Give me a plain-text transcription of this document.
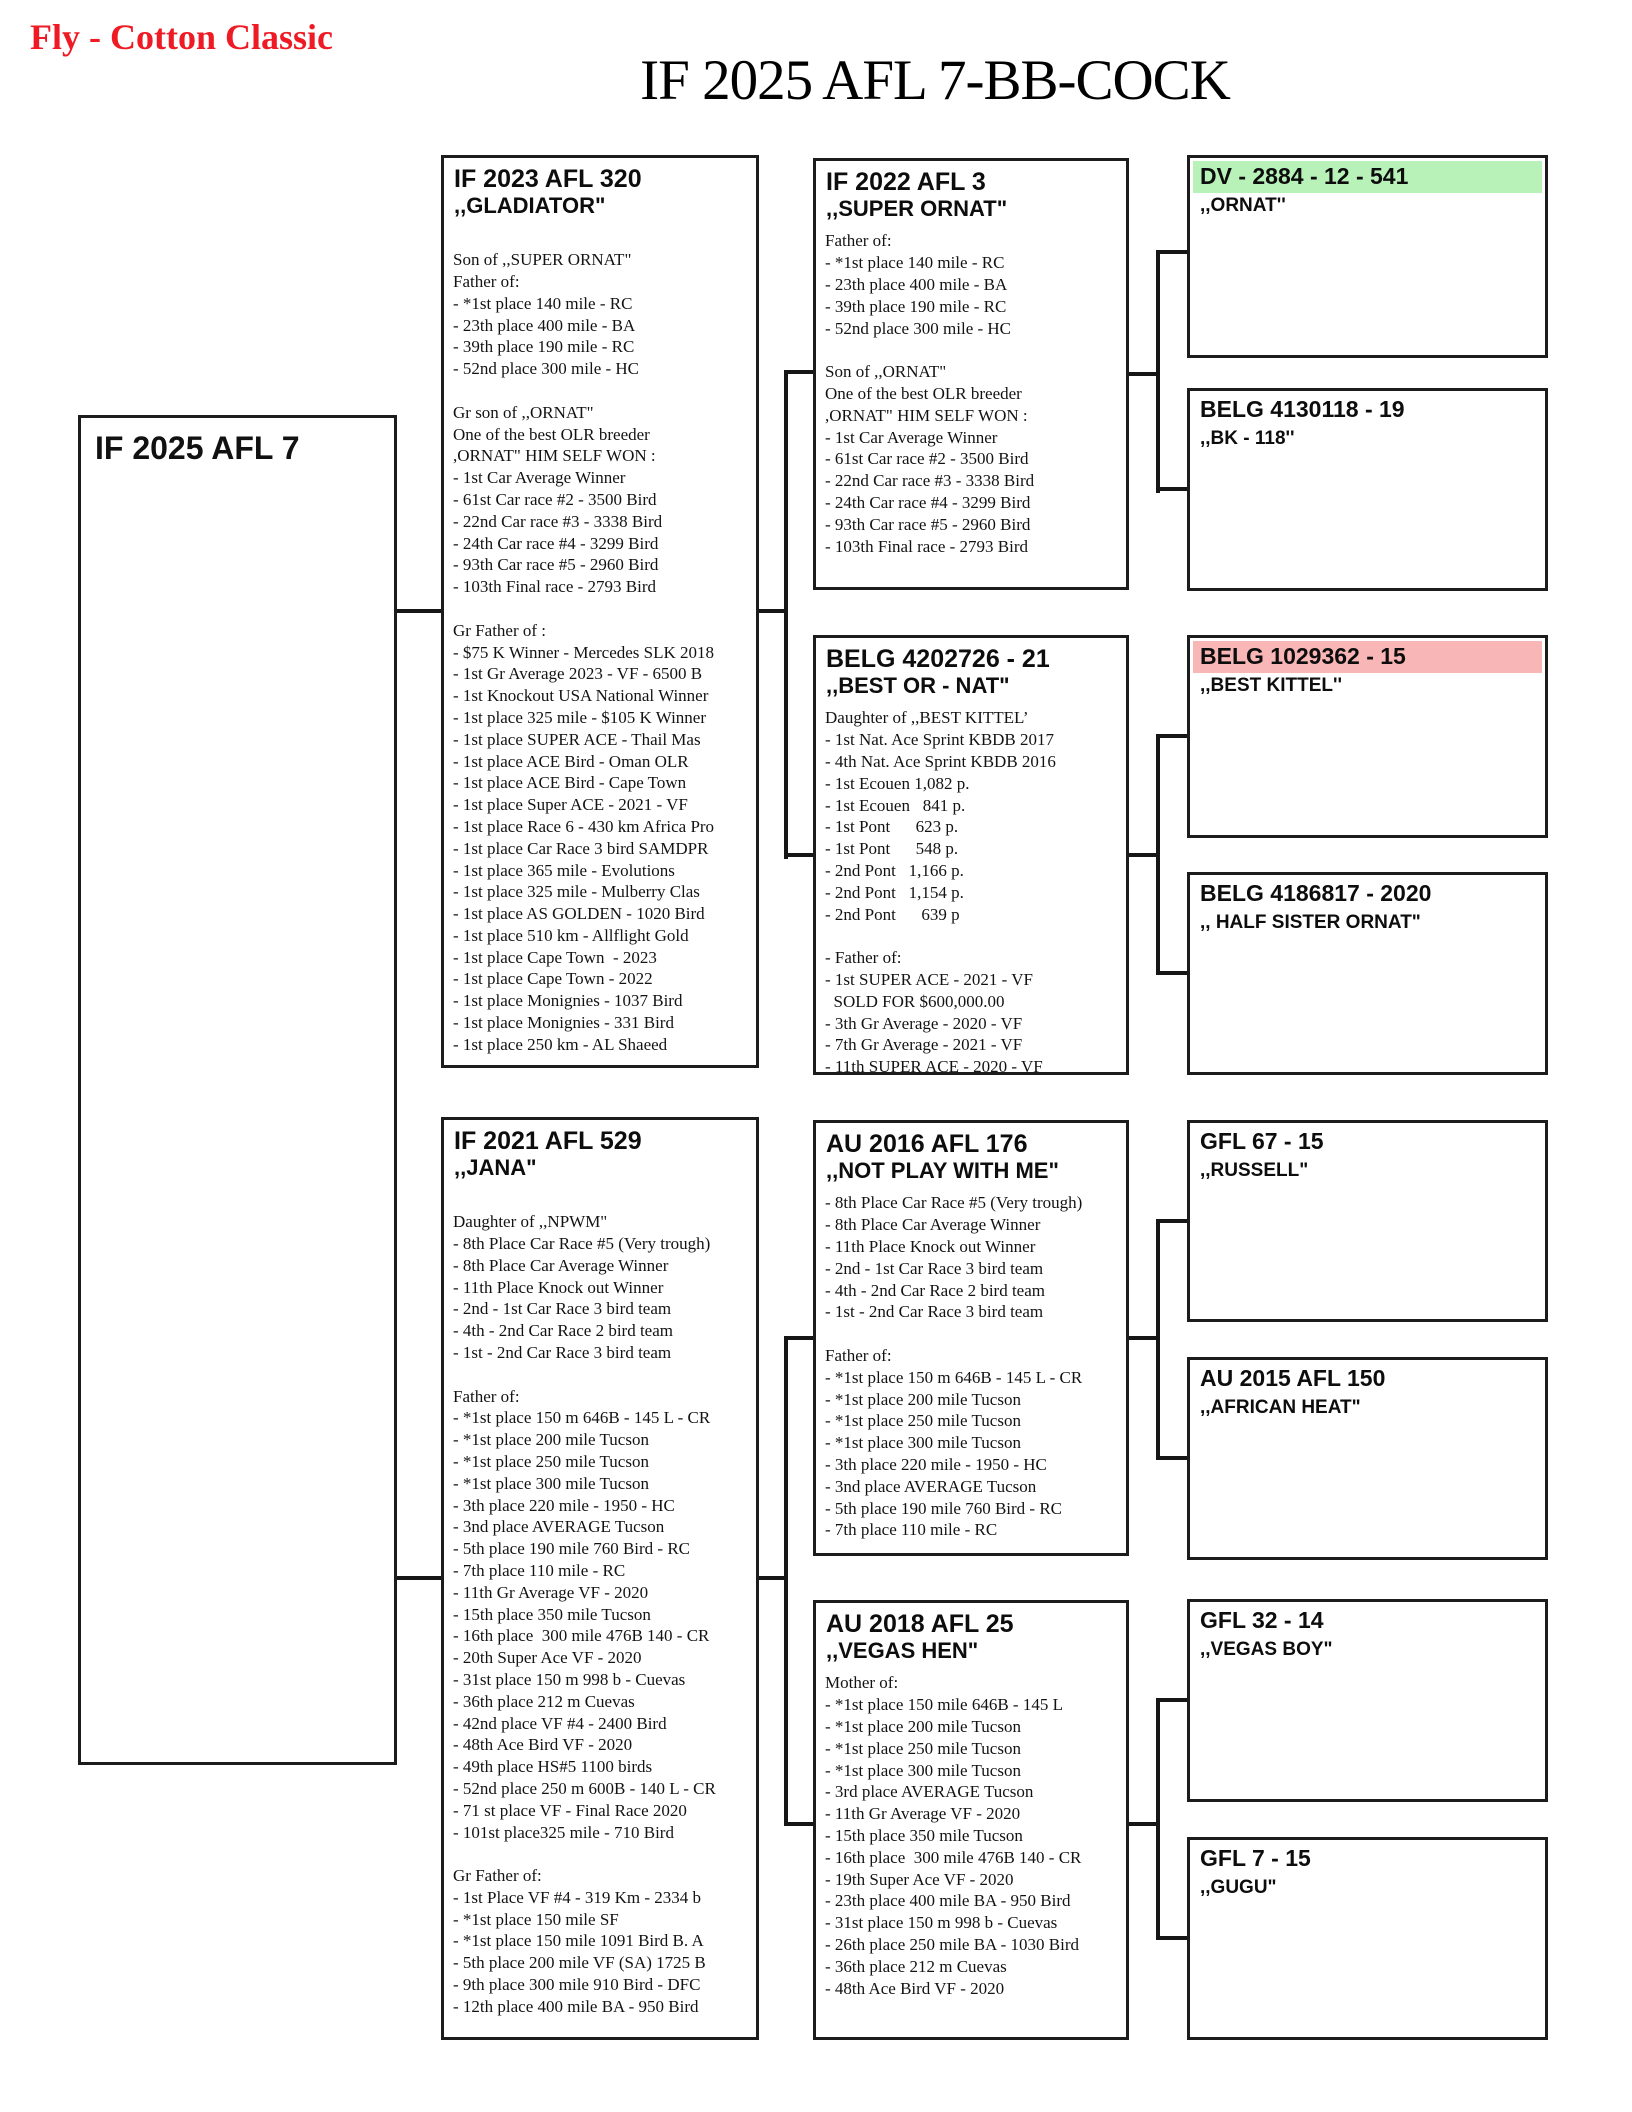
Fly - Cotton Classic
IF 2025 AFL 7-BB-COCK
IF 2025 AFL 7
IF 2023 AFL 320
,,GLADIATOR"

Son of ,,SUPER ORNAT"
Father of:
- *1st place 140 mile - RC
- 23th place 400 mile - BA
- 39th place 190 mile - RC
- 52nd place 300 mile - HC

Gr son of ,,ORNAT"
One of the best OLR breeder
,ORNAT" HIM SELF WON :
- 1st Car Average Winner
- 61st Car race #2 - 3500 Bird
- 22nd Car race #3 - 3338 Bird
- 24th Car race #4 - 3299 Bird
- 93th Car race #5 - 2960 Bird
- 103th Final race - 2793 Bird

Gr Father of :
- $75 K Winner - Mercedes SLK 2018
- 1st Gr Average 2023 - VF - 6500 B
- 1st Knockout USA National Winner
- 1st place 325 mile - $105 K Winner
- 1st place SUPER ACE - Thail Mas
- 1st place ACE Bird - Oman OLR
- 1st place ACE Bird - Cape Town
- 1st place Super ACE - 2021 - VF
- 1st place Race 6 - 430 km Africa Pro
- 1st place Car Race 3 bird SAMDPR
- 1st place 365 mile - Evolutions
- 1st place 325 mile - Mulberry Clas
- 1st place AS GOLDEN - 1020 Bird
- 1st place 510 km - Allflight Gold
- 1st place Cape Town  - 2023
- 1st place Cape Town - 2022
- 1st place Monignies - 1037 Bird
- 1st place Monignies - 331 Bird
- 1st place 250 km - AL Shaeed
IF 2021 AFL 529
,,JANA"

Daughter of ,,NPWM"
- 8th Place Car Race #5 (Very trough)
- 8th Place Car Average Winner
- 11th Place Knock out Winner
- 2nd - 1st Car Race 3 bird team
- 4th - 2nd Car Race 2 bird team
- 1st - 2nd Car Race 3 bird team

Father of:
- *1st place 150 m 646B - 145 L - CR
- *1st place 200 mile Tucson
- *1st place 250 mile Tucson
- *1st place 300 mile Tucson
- 3th place 220 mile - 1950 - HC
- 3nd place AVERAGE Tucson
- 5th place 190 mile 760 Bird - RC
- 7th place 110 mile - RC
- 11th Gr Average VF - 2020
- 15th place 350 mile Tucson
- 16th place  300 mile 476B 140 - CR
- 20th Super Ace VF - 2020
- 31st place 150 m 998 b - Cuevas
- 36th place 212 m Cuevas
- 42nd place VF #4 - 2400 Bird
- 48th Ace Bird VF - 2020
- 49th place HS#5 1100 birds
- 52nd place 250 m 600B - 140 L - CR
- 71 st place VF - Final Race 2020
- 101st place325 mile - 710 Bird

Gr Father of:
- 1st Place VF #4 - 319 Km - 2334 b
- *1st place 150 mile SF
- *1st place 150 mile 1091 Bird B. A
- 5th place 200 mile VF (SA) 1725 B
- 9th place 300 mile 910 Bird - DFC
- 12th place 400 mile BA - 950 Bird
IF 2022 AFL 3
,,SUPER ORNAT"
Father of:
- *1st place 140 mile - RC
- 23th place 400 mile - BA
- 39th place 190 mile - RC
- 52nd place 300 mile - HC

Son of ,,ORNAT"
One of the best OLR breeder
,ORNAT" HIM SELF WON :
- 1st Car Average Winner
- 61st Car race #2 - 3500 Bird
- 22nd Car race #3 - 3338 Bird
- 24th Car race #4 - 3299 Bird
- 93th Car race #5 - 2960 Bird
- 103th Final race - 2793 Bird
BELG 4202726 - 21
,,BEST OR - NAT"
Daughter of ,,BEST KITTEL’
- 1st Nat. Ace Sprint KBDB 2017
- 4th Nat. Ace Sprint KBDB 2016
- 1st Ecouen 1,082 p.
- 1st Ecouen   841 p.
- 1st Pont      623 p.
- 1st Pont      548 p.
- 2nd Pont   1,166 p.
- 2nd Pont   1,154 p.
- 2nd Pont      639 p

- Father of:
- 1st SUPER ACE - 2021 - VF
SOLD FOR $600,000.00
- 3th Gr Average - 2020 - VF
- 7th Gr Average - 2021 - VF
- 11th SUPER ACE - 2020 - VF
AU 2016 AFL 176
,,NOT PLAY WITH ME"
- 8th Place Car Race #5 (Very trough)
- 8th Place Car Average Winner
- 11th Place Knock out Winner
- 2nd - 1st Car Race 3 bird team
- 4th - 2nd Car Race 2 bird team
- 1st - 2nd Car Race 3 bird team

Father of:
- *1st place 150 m 646B - 145 L - CR
- *1st place 200 mile Tucson
- *1st place 250 mile Tucson
- *1st place 300 mile Tucson
- 3th place 220 mile - 1950 - HC
- 3nd place AVERAGE Tucson
- 5th place 190 mile 760 Bird - RC
- 7th place 110 mile - RC
AU 2018 AFL 25
,,VEGAS HEN"
Mother of:
- *1st place 150 mile 646B - 145 L
- *1st place 200 mile Tucson
- *1st place 250 mile Tucson
- *1st place 300 mile Tucson
- 3rd place AVERAGE Tucson
- 11th Gr Average VF - 2020
- 15th place 350 mile Tucson
- 16th place  300 mile 476B 140 - CR
- 19th Super Ace VF - 2020
- 23th place 400 mile BA - 950 Bird
- 31st place 150 m 998 b - Cuevas
- 26th place 250 mile BA - 1030 Bird
- 36th place 212 m Cuevas
- 48th Ace Bird VF - 2020
DV - 2884 - 12 - 541
,,ORNAT''
BELG 4130118 - 19
,,BK - 118''
BELG 1029362 - 15
,,BEST KITTEL''
BELG 4186817 - 2020
,, HALF SISTER ORNAT"
GFL 67 - 15
,,RUSSELL"
AU 2015 AFL 150
,,AFRICAN HEAT"
GFL 32 - 14
,,VEGAS BOY"
GFL 7 - 15
,,GUGU"
